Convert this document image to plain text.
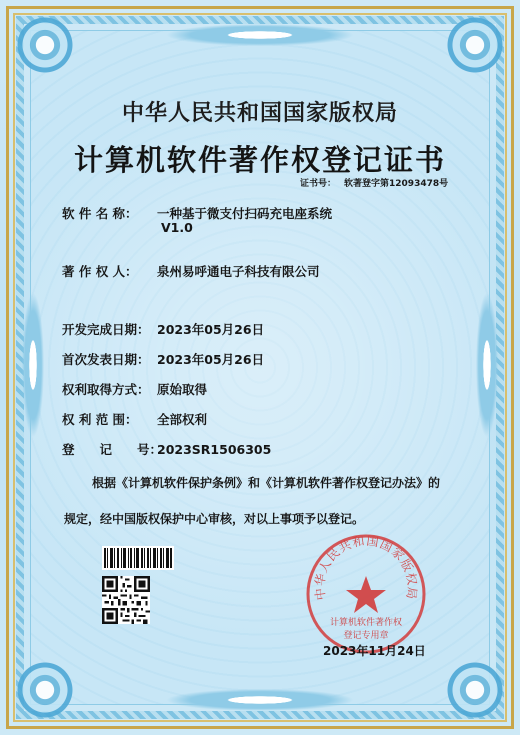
中华人民共和国国家版权局
计算机软件著作权登记证书
证书号： 软著登字第12093478号
软 件 名 称： 一种基于微支付扫码充电座系统
V1.0
著 作 权 人： 泉州易呼通电子科技有限公司
开发完成日期： 2023年05月26日
首次发表日期： 2023年05月26日
权利取得方式： 原始取得
权 利 范 围： 全部权利
登　　记　　号：2023SR1506305
根据《计算机软件保护条例》和《计算机软件著作权登记办法》的
规定，经中国版权保护中心审核，对以上事项予以登记。
中华人民共和国国家版权局
计算机软件著作权
登记专用章
2023年11月24日
